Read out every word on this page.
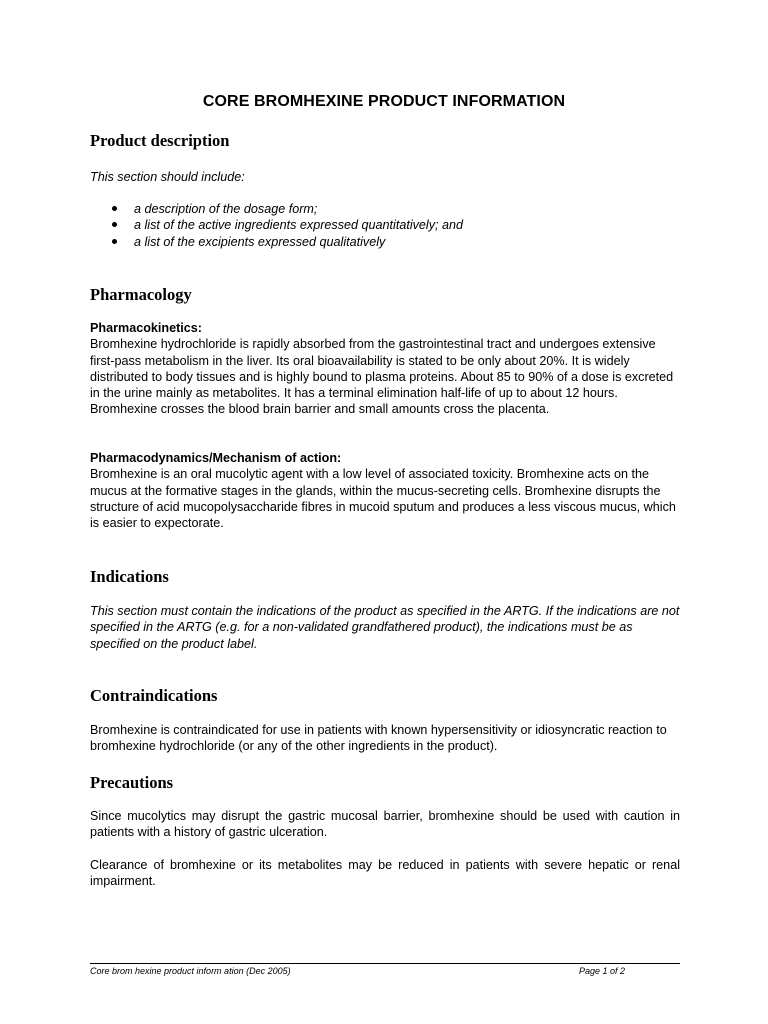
CORE BROMHEXINE PRODUCT INFORMATION
Product description
This section should include:
a description of the dosage form;
a list of the active ingredients expressed quantitatively; and
a list of the excipients expressed qualitatively
Pharmacology
Pharmacokinetics:
Bromhexine hydrochloride is rapidly absorbed from the gastrointestinal tract and undergoes extensive first-pass metabolism in the liver. Its oral bioavailability is stated to be only about 20%. It is widely distributed to body tissues and is highly bound to plasma proteins. About 85 to 90% of a dose is excreted in the urine mainly as metabolites. It has a terminal elimination half-life of up to about 12 hours. Bromhexine crosses the blood brain barrier and small amounts cross the placenta.
Pharmacodynamics/Mechanism of action:
Bromhexine is an oral mucolytic agent with a low level of associated toxicity. Bromhexine acts on the mucus at the formative stages in the glands, within the mucus-secreting cells. Bromhexine disrupts the structure of acid mucopolysaccharide fibres in mucoid sputum and produces a less viscous mucus, which is easier to expectorate.
Indications
This section must contain the indications of the product as specified in the ARTG. If the indications are not specified in the ARTG (e.g. for a non-validated grandfathered product), the indications must be as specified on the product label.
Contraindications
Bromhexine is contraindicated for use in patients with known hypersensitivity or idiosyncratic reaction to bromhexine hydrochloride (or any of the other ingredients in the product).
Precautions
Since mucolytics may disrupt the gastric mucosal barrier, bromhexine should be used with caution in patients with a history of gastric ulceration.
Clearance of bromhexine or its metabolites may be reduced in patients with severe hepatic or renal impairment.
Core brom hexine product inform ation (Dec 2005)	Page 1 of 2
